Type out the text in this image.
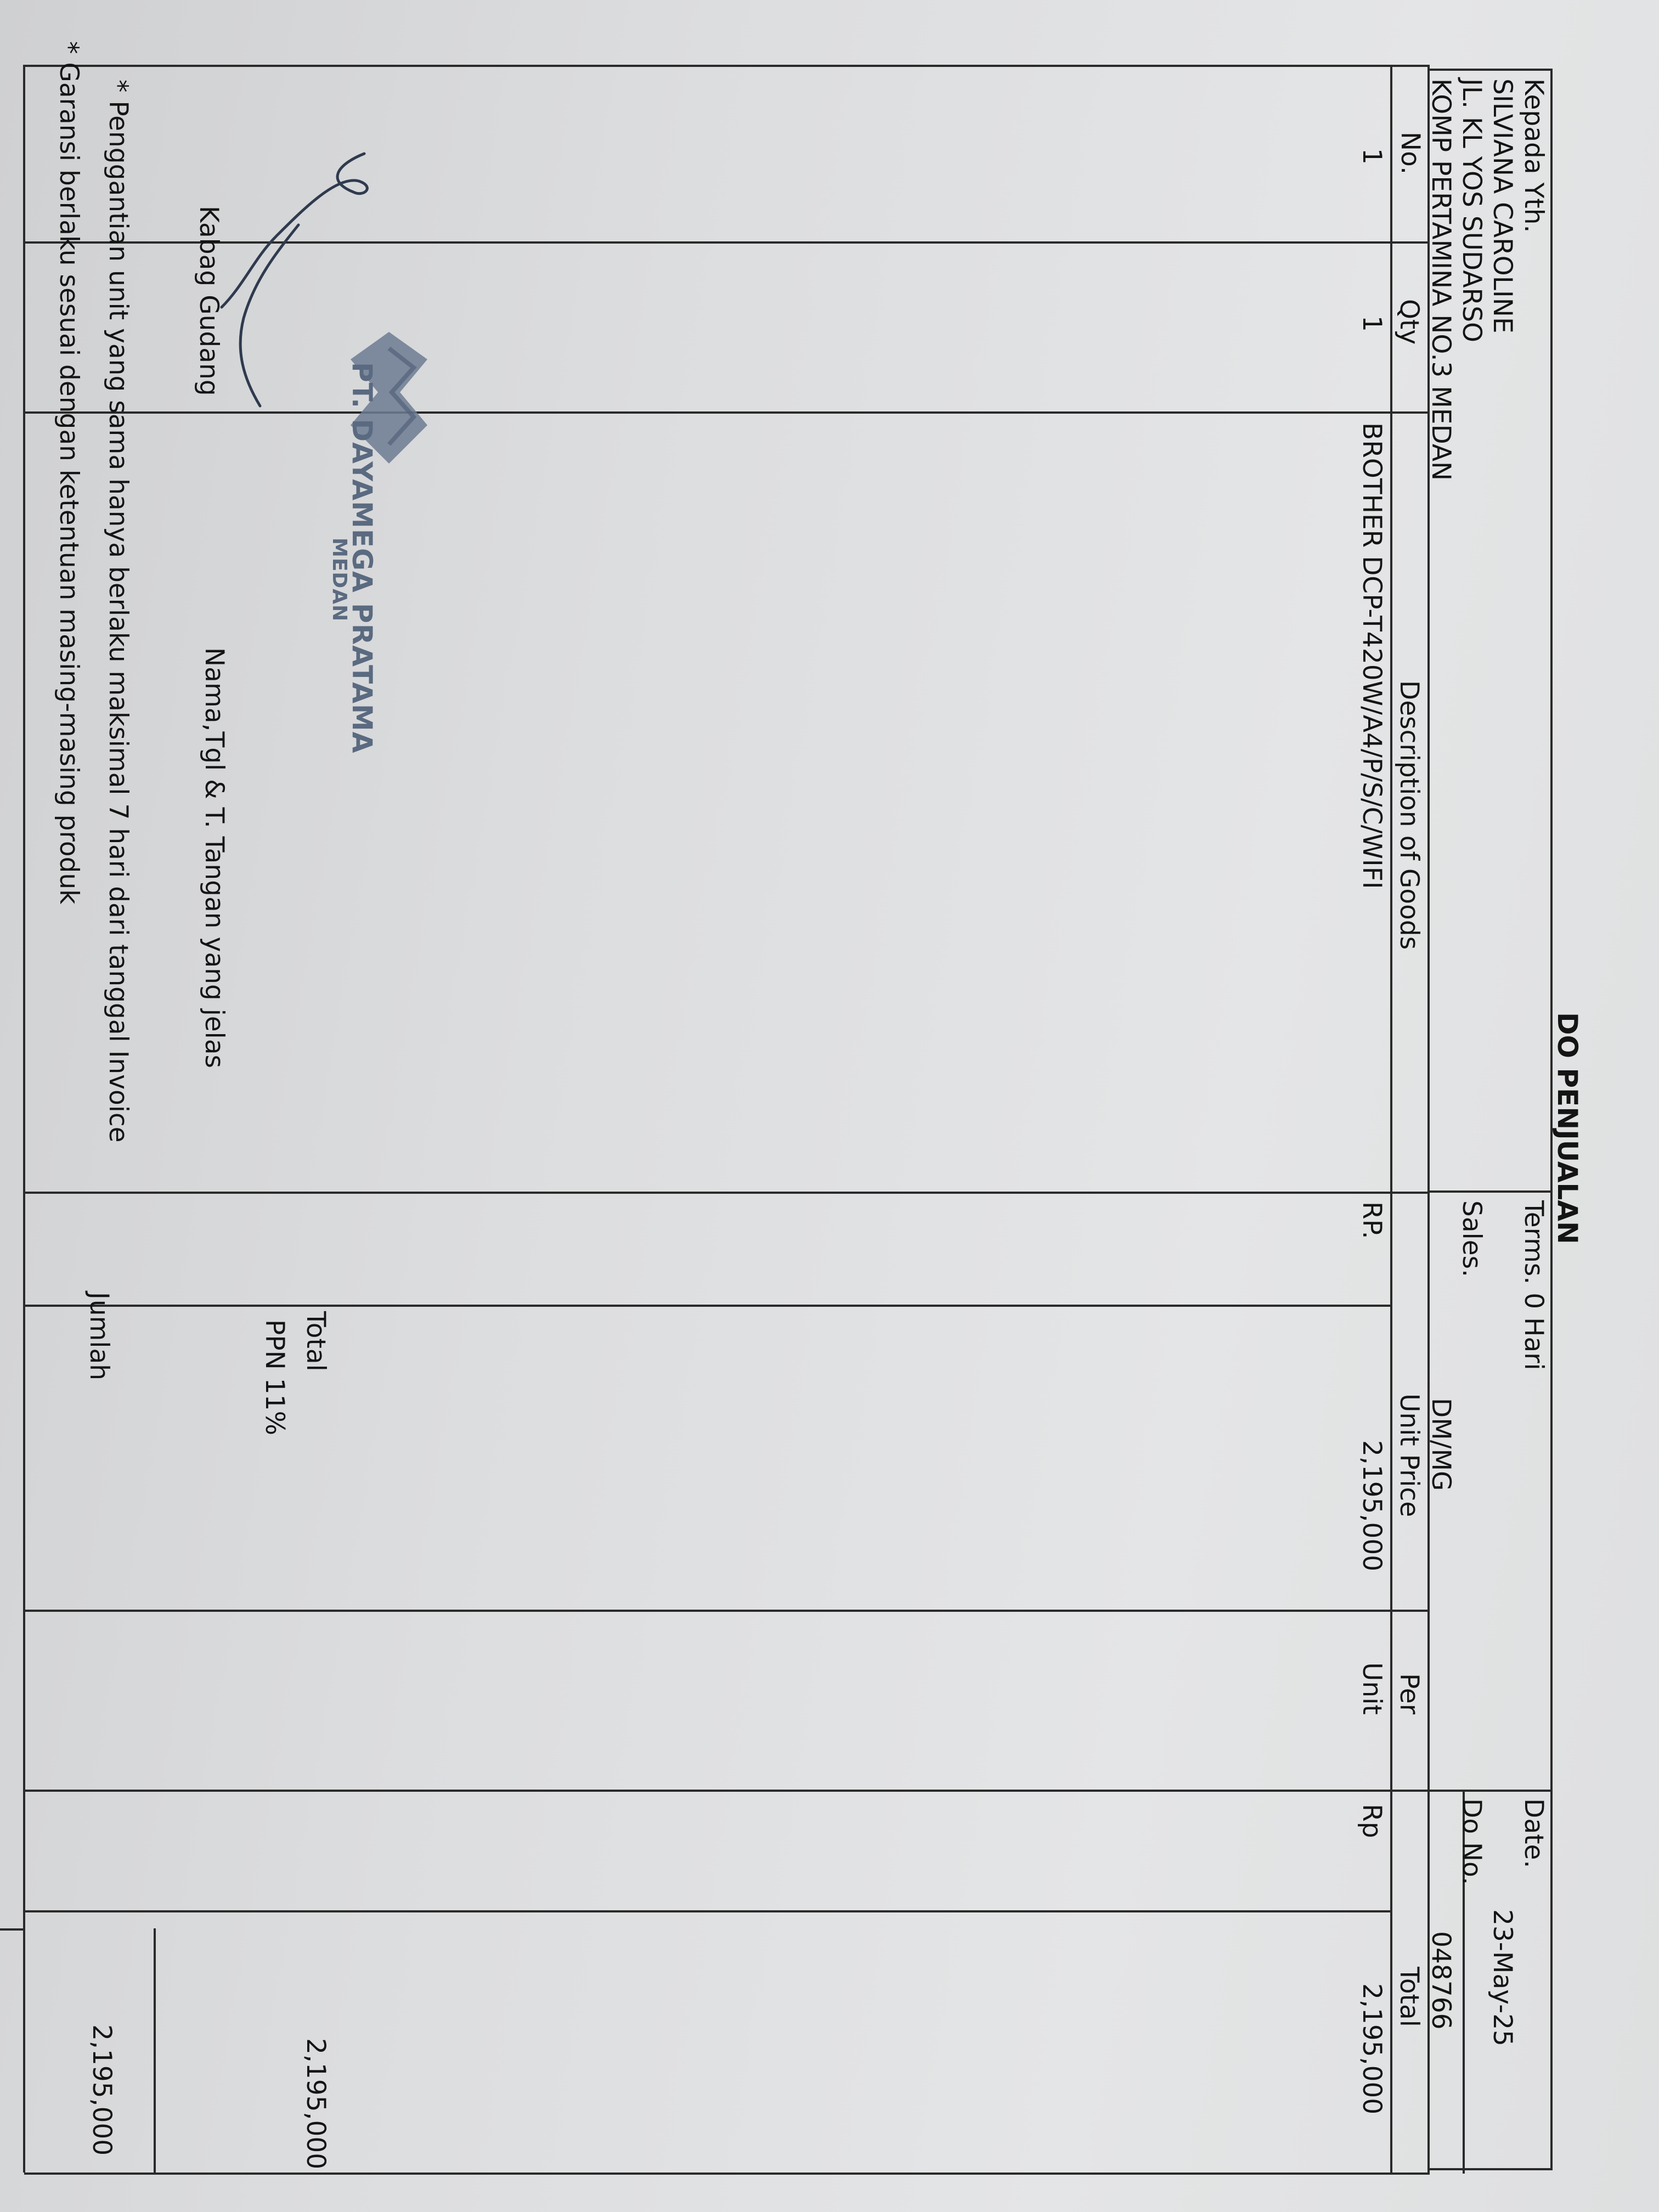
DO PENJUALAN
Kepada Yth.
SILVIANA CAROLINE
JL. KL YOS SUDARSO
KOMP PERTAMINA NO.3 MEDAN
Terms. 0 Hari
Sales.
DM/MG
Date.
23-May-25
Do No.
048766
No.
Qty
Description of Goods
Unit Price
Per
Total
1
1
BROTHER DCP-T420W/A4/P/S/C/WIFI
RP.
2,195,000
Unit
Rp
2,195,000
Jumlah
2,195,000
PPN 11% Total
2,195,000
PT. DAYAMEGA PRATAMA
MEDAN
Kabag Gudang
Nama,Tgl & T. Tangan yang jelas
* Penggantian unit yang sama hanya berlaku maksimal 7 hari dari tanggal Invoice
* Garansi berlaku sesuai dengan ketentuan masing-masing produk
